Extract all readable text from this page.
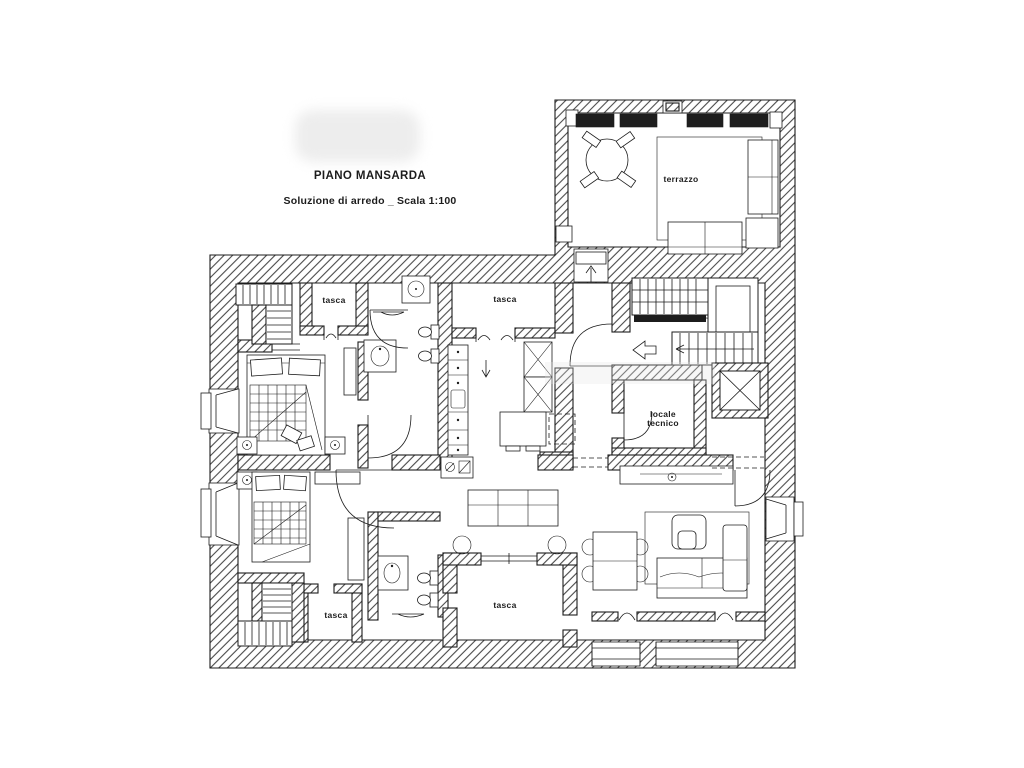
PIANO MANSARDA
Soluzione di arredo _ Scala 1:100
tasca	tasca
tasca
tasca
terrazzo
locale
tecnico
